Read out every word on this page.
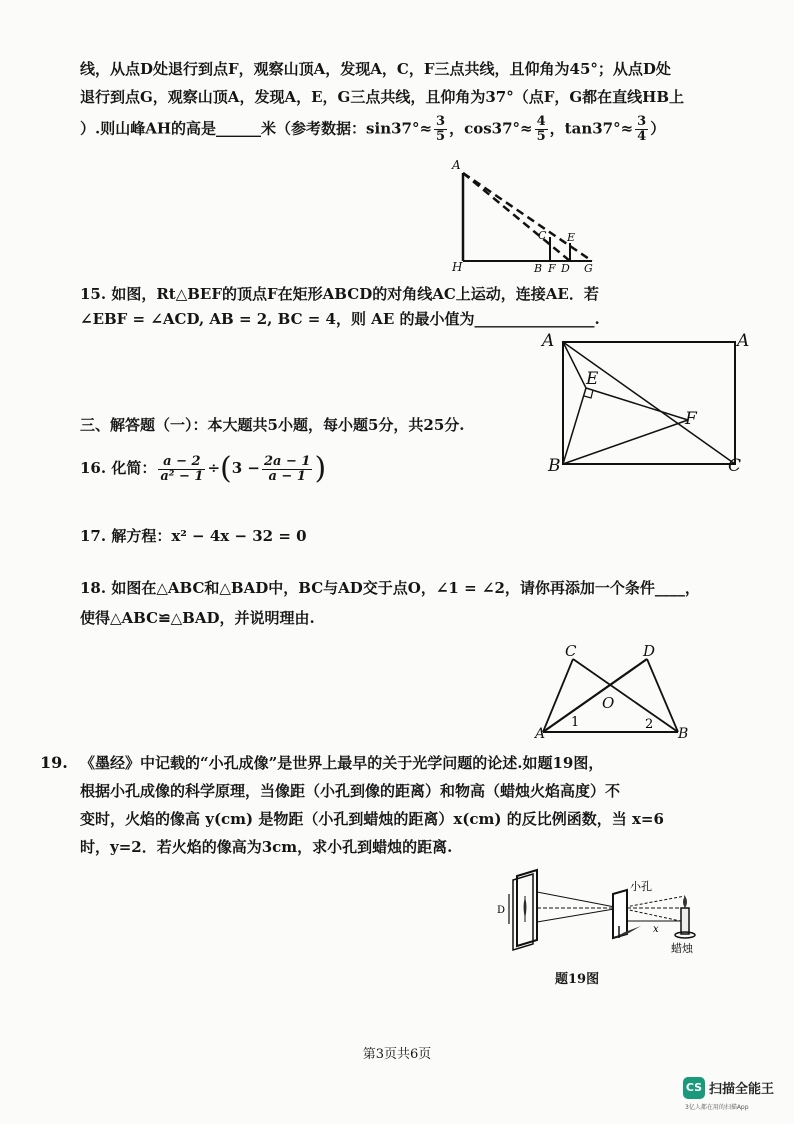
线，从点D处退行到点F，观察山顶A，发现A，C，F三点共线，且仰角为45°；从点D处
退行到点G，观察山顶A，发现A，E，G三点共线，且仰角为37°（点F，G都在直线HB上
）.则山峰AH的高是______米（参考数据：$\sin 37^\circ\approx \frac{3}{5}$ ，$\cos 37^\circ\approx \frac{4}{5}$ ，$\tan 37^\circ\approx \frac{3}{4}$ ）
A
H
C E
B F D G
15. 如图，Rt△BEF的顶点F在矩形ABCD的对角线AC上运动，连接AE．若
∠EBF = ∠ACD, AB = 2, BC = 4，则 AE 的最小值为________________.
A	A
E
F
B	C
三、解答题（一）：本大题共5小题，每小题5分，共25分.
16. 化简： $\frac{a - 2}{\text{a² − 1}} \div(3 - \frac{2a - 1}{a - 1}$ )
17. 解方程：x² − 4x − 32 = 0
18. 如图在△ABC和△BAD中，BC与AD交于点O，∠1 = ∠2，请你再添加一个条件____，
使得△ABC≌△BAD，并说明理由.
C	D
O
A	B
1	2
19. 《墨经》中记载的“小孔成像”是世界上最早的关于光学问题的论述.如题19图，
根据小孔成像的科学原理，当像距（小孔到像的距离）和物高（蜡烛火焰高度）不
变时，火焰的像高 y(cm) 是物距（小孔到蜡烛的距离）x(cm) 的反比例函数，当 x=6
时，y=2．若火焰的像高为3cm，求小孔到蜡烛的距离.
D
小孔
x
蜡烛
题19图
第3页共6页
CS 扫描全能王
3亿人都在用的扫描App
